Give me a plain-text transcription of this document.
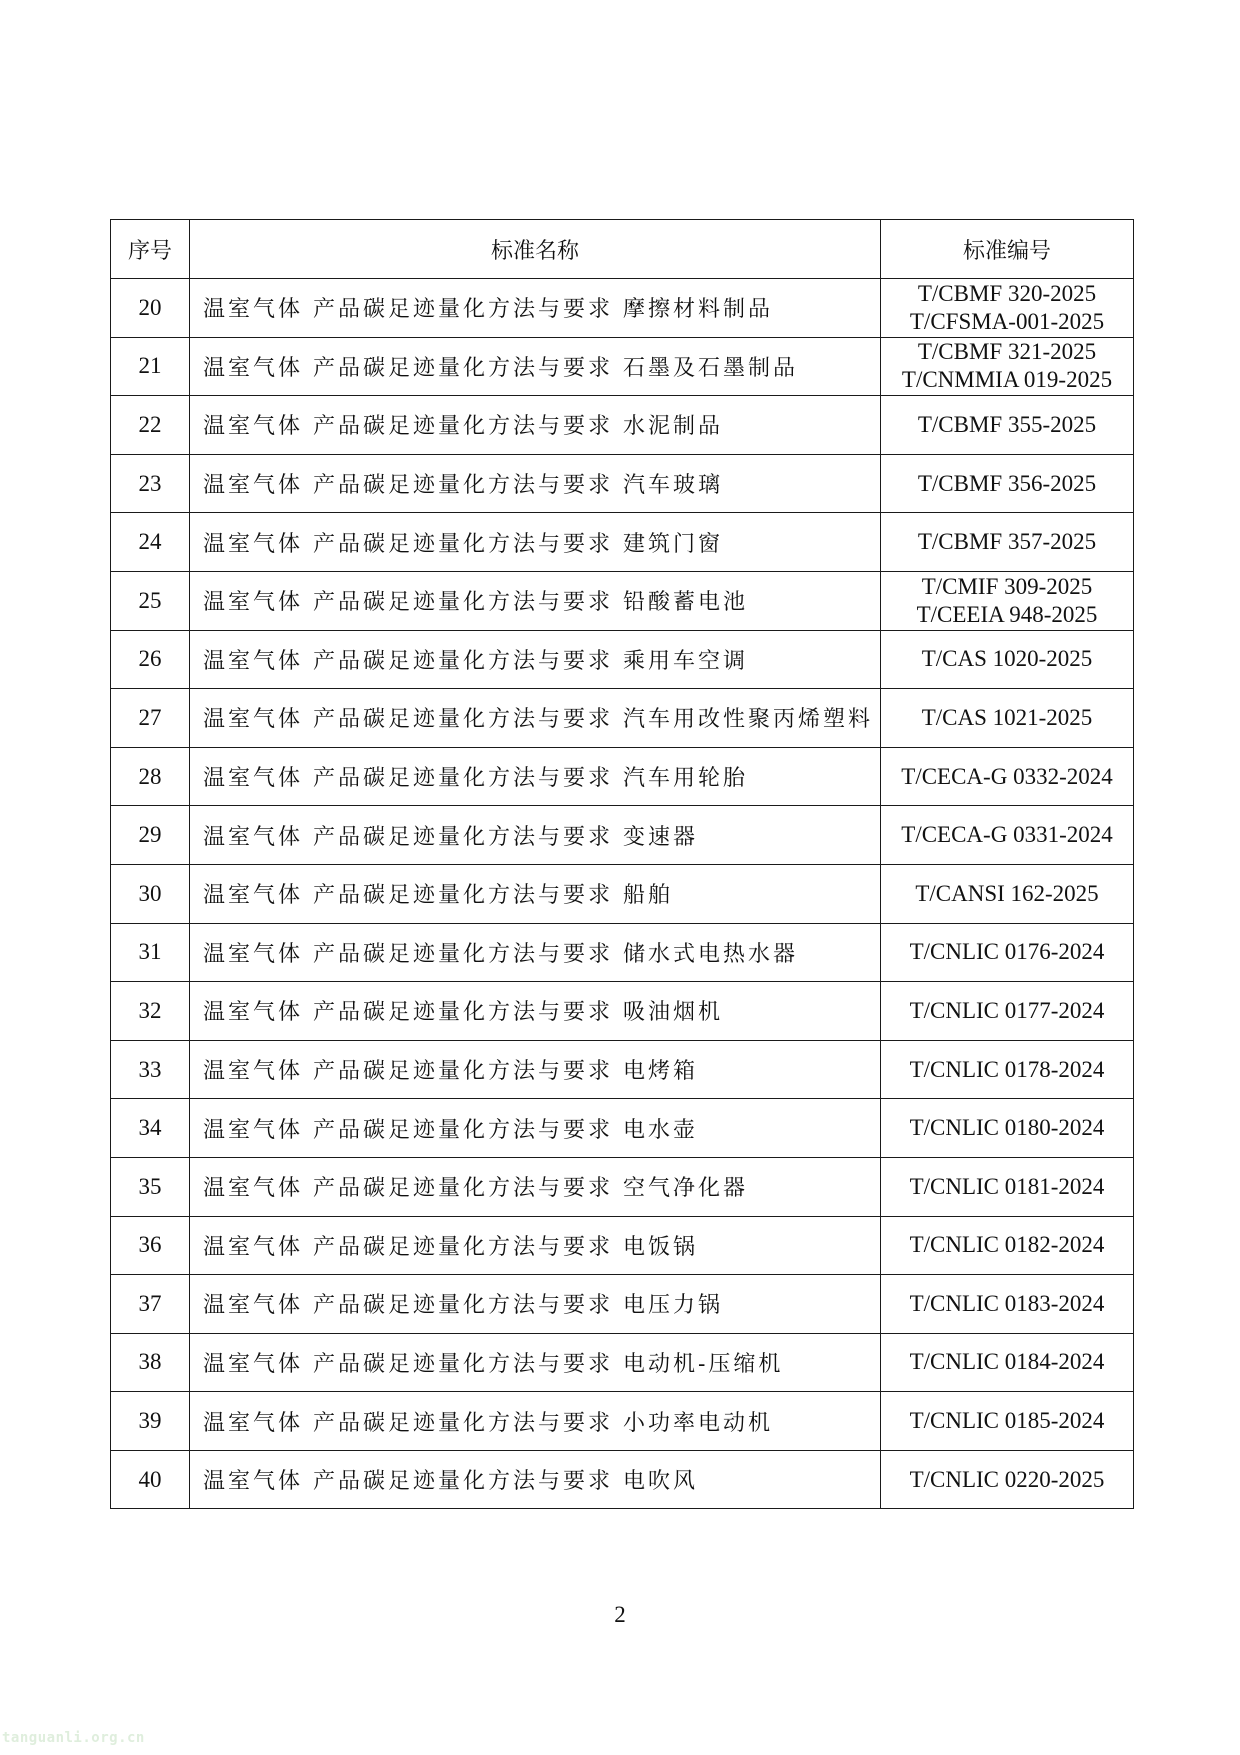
序号	标准名称	标准编号
20	温室气体 产品碳足迹量化方法与要求 摩擦材料制品	T/CBMF 320-2025
T/CFSMA-001-2025

21	温室气体 产品碳足迹量化方法与要求 石墨及石墨制品	T/CBMF 321-2025
T/CNMMIA 019-2025

22	温室气体 产品碳足迹量化方法与要求 水泥制品	T/CBMF 355-2025

23	温室气体 产品碳足迹量化方法与要求 汽车玻璃	T/CBMF 356-2025

24	温室气体 产品碳足迹量化方法与要求 建筑门窗	T/CBMF 357-2025

25	温室气体 产品碳足迹量化方法与要求 铅酸蓄电池	T/CMIF 309-2025
T/CEEIA 948-2025

26	温室气体 产品碳足迹量化方法与要求 乘用车空调	T/CAS 1020-2025

27	温室气体 产品碳足迹量化方法与要求 汽车用改性聚丙烯塑料	T/CAS 1021-2025

28	温室气体 产品碳足迹量化方法与要求 汽车用轮胎	T/CECA-G 0332-2024

29	温室气体 产品碳足迹量化方法与要求 变速器	T/CECA-G 0331-2024

30	温室气体 产品碳足迹量化方法与要求 船舶	T/CANSI 162-2025

31	温室气体 产品碳足迹量化方法与要求 储水式电热水器	T/CNLIC 0176-2024

32	温室气体 产品碳足迹量化方法与要求 吸油烟机	T/CNLIC 0177-2024

33	温室气体 产品碳足迹量化方法与要求 电烤箱	T/CNLIC 0178-2024

34	温室气体 产品碳足迹量化方法与要求 电水壶	T/CNLIC 0180-2024

35	温室气体 产品碳足迹量化方法与要求 空气净化器	T/CNLIC 0181-2024

36	温室气体 产品碳足迹量化方法与要求 电饭锅	T/CNLIC 0182-2024

37	温室气体 产品碳足迹量化方法与要求 电压力锅	T/CNLIC 0183-2024

38	温室气体 产品碳足迹量化方法与要求 电动机-压缩机	T/CNLIC 0184-2024

39	温室气体 产品碳足迹量化方法与要求 小功率电动机	T/CNLIC 0185-2024

40	温室气体 产品碳足迹量化方法与要求 电吹风	T/CNLIC 0220-2025
2
tanguanli.org.cn
